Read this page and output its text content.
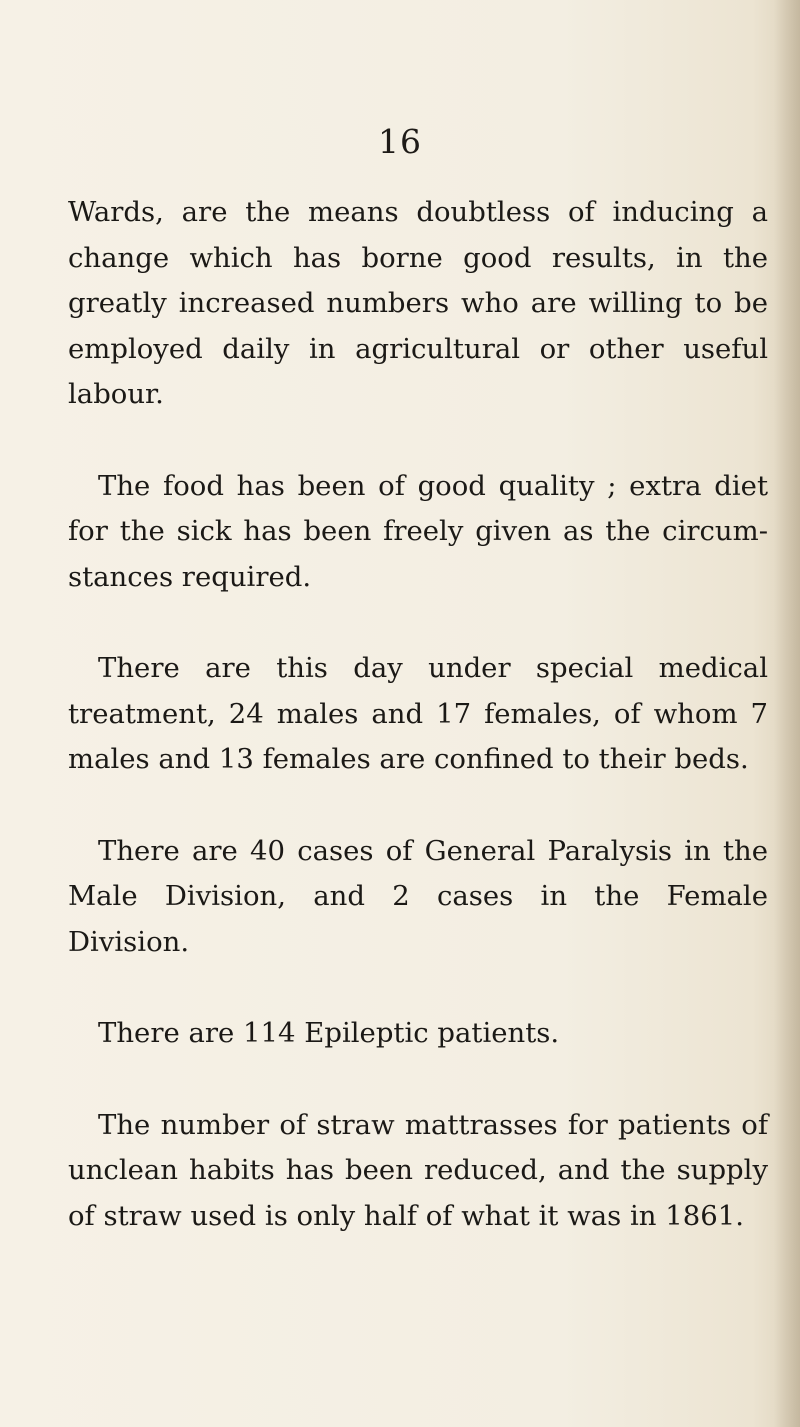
16

Wards, are the means doubtless of inducing a change which has borne good results, in the greatly increased numbers who are willing to be employed daily in agricultural or other useful labour.

The food has been of good quality ; extra diet for the sick has been freely given as the circum-stances required.

There are this day under special medical treatment, 24 males and 17 females, of whom 7 males and 13 females are confined to their beds.

There are 40 cases of General Paralysis in the Male Division, and 2 cases in the Female Division.

There are 114 Epileptic patients.

The number of straw mattrasses for patients of unclean habits has been reduced, and the supply of straw used is only half of what it was in 1861.
